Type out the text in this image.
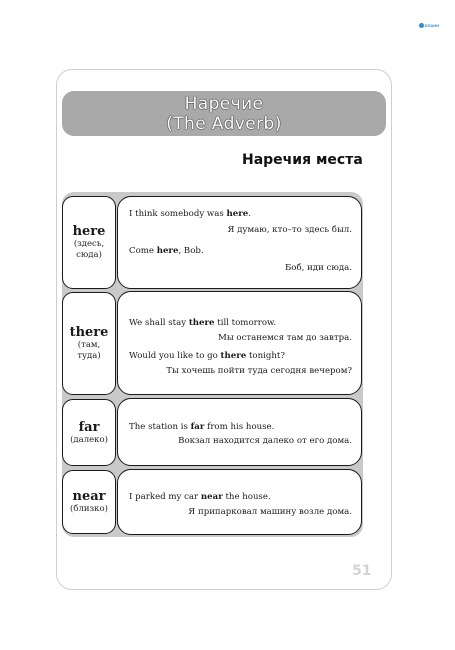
ЕЛАНИ
Наречие
(The Adverb)
Наречия места
here
(здесь, сюда)
I think somebody was here.
Я думаю, кто–то здесь был.
Come here, Bob.
Боб, иди сюда.
there
(там, туда)
We shall stay there till tomorrow.
Мы останемся там до завтра.
Would you like to go there tonight?
Ты хочешь пойти туда сегодня вечером?
far
(далеко)
The station is far from his house.
Вокзал находится далеко от его дома.
near
(близко)
I parked my car near the house.
Я припарковал машину возле дома.
51
